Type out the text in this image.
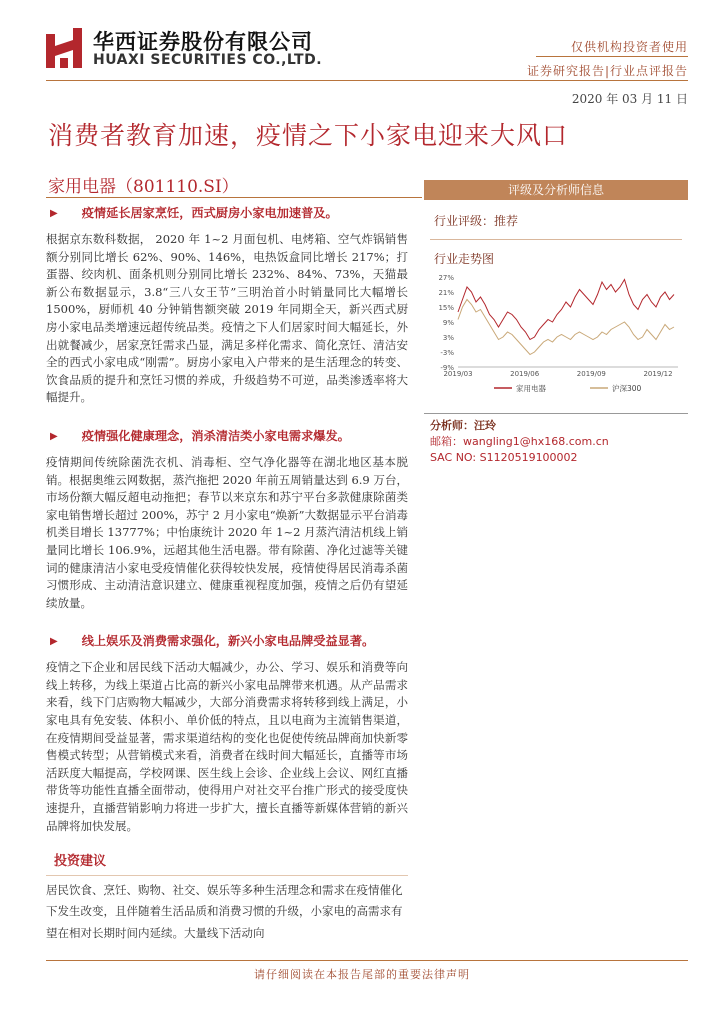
华西证券股份有限公司
HUAXI SECURITIES CO.,LTD.
仅供机构投资者使用
证券研究报告|行业点评报告
2020 年 03 月 11 日
消费者教育加速，疫情之下小家电迎来大风口
家用电器（801110.SI）
▶	疫情延长居家烹饪，西式厨房小家电加速普及。
根据京东数科数据， 2020 年 1~2 月面包机、电烤箱、空气炸锅销售额分别同比增长 62%、90%、146%，电热饭盒同比增长 217%；打蛋器、绞肉机、面条机则分别同比增长 232%、84%、73%，天猫最新公布数据显示，3.8“三八女王节”三明治首小时销量同比大幅增长 1500%，厨师机 40 分钟销售额突破 2019 年同期全天，新兴西式厨房小家电品类增速远超传统品类。疫情之下人们居家时间大幅延长，外出就餐减少，居家烹饪需求凸显，满足多样化需求、简化烹饪、清洁安全的西式小家电成“刚需”。厨房小家电入户带来的是生活理念的转变、饮食品质的提升和烹饪习惯的养成，升级趋势不可逆，品类渗透率将大幅提升。
▶	疫情强化健康理念，消杀清洁类小家电需求爆发。
疫情期间传统除菌洗衣机、消毒柜、空气净化器等在湖北地区基本脱销。根据奥维云网数据，蒸汽拖把 2020 年前五周销量达到 6.9 万台，市场份额大幅反超电动拖把；春节以来京东和苏宁平台多款健康除菌类家电销售增长超过 200%，苏宁 2 月小家电“焕新”大数据显示平台消毒机类目增长 13777%；中怡康统计 2020 年 1~2 月蒸汽清洁机线上销量同比增长 106.9%，远超其他生活电器。带有除菌、净化过滤等关键词的健康清洁小家电受疫情催化获得较快发展，疫情使得居民消毒杀菌习惯形成、主动清洁意识建立、健康重视程度加强，疫情之后仍有望延续放量。
▶	线上娱乐及消费需求强化，新兴小家电品牌受益显著。
疫情之下企业和居民线下活动大幅减少，办公、学习、娱乐和消费等向线上转移，为线上渠道占比高的新兴小家电品牌带来机遇。从产品需求来看，线下门店购物大幅减少，大部分消费需求将转移到线上满足，小家电具有免安装、体积小、单价低的特点，且以电商为主流销售渠道，在疫情期间受益显著，需求渠道结构的变化也促使传统品牌商加快新零售模式转型；从营销模式来看，消费者在线时间大幅延长，直播等市场活跃度大幅提高，学校网课、医生线上会诊、企业线上会议、网红直播带货等功能性直播全面带动，使得用户对社交平台推广形式的接受度快速提升，直播营销影响力将进一步扩大，擅长直播等新媒体营销的新兴品牌将加快发展。
投资建议
居民饮食、烹饪、购物、社交、娱乐等多种生活理念和需求在疫情催化下发生改变，且伴随着生活品质和消费习惯的升级，小家电的高需求有望在相对长期时间内延续。大量线下活动向
评级及分析师信息
行业评级：推荐
行业走势图
27%
21%
15%
9%
3%
-3%
-9%
2019/03	2019/06	2019/09	2019/12
家用电器	沪深300
分析师：汪玲
邮箱：wangling1@hx168.com.cn
SAC NO: S1120519100002
请仔细阅读在本报告尾部的重要法律声明
